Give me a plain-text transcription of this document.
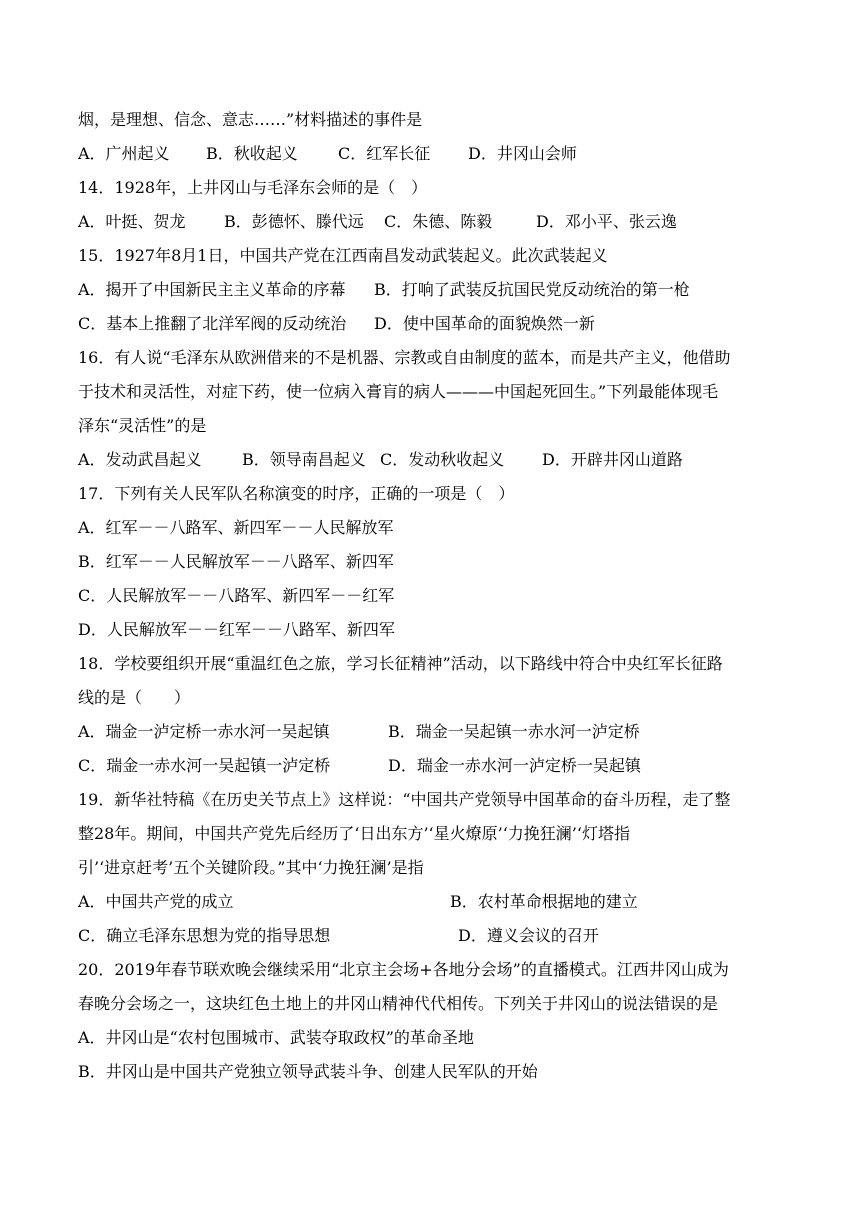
烟，是理想、信念、意志……”材料描述的事件是
A．广州起义 B．秋收起义	C．红军长征 D．井冈山会师
14．1928年，上井冈山与毛泽东会师的是（　）
A．叶挺、贺龙 B．彭德怀、滕代远 C．朱德、陈毅	D．邓小平、张云逸
15．1927年8月1日，中国共产党在江西南昌发动武装起义。此次武装起义
A．揭开了中国新民主主义革命的序幕 B．打响了武装反抗国民党反动统治的第一枪
C．基本上推翻了北洋军阀的反动统治 D．使中国革命的面貌焕然一新
16．有人说“毛泽东从欧洲借来的不是机器、宗教或自由制度的蓝本，而是共产主义，他借助
于技术和灵活性，对症下药，使一位病入膏肓的病人———中国起死回生。”下列最能体现毛
泽东“灵活性”的是
A．发动武昌起义	B．领导南昌起义 C．发动秋收起义 D．开辟井冈山道路
17．下列有关人民军队名称演变的时序，正确的一项是（　）
A．红军－－八路军、新四军－－人民解放军
B．红军－－人民解放军－－八路军、新四军
C．人民解放军－－八路军、新四军－－红军
D．人民解放军－－红军－－八路军、新四军
18．学校要组织开展“重温红色之旅，学习长征精神”活动，以下路线中符合中央红军长征路
线的是（　　）
A．瑞金一泸定桥一赤水河一吴起镇	B．瑞金一吴起镇一赤水河一泸定桥
C．瑞金一赤水河一吴起镇一泸定桥	D．瑞金一赤水河一泸定桥一吴起镇
19．新华社特稿《在历史关节点上》这样说：“中国共产党领导中国革命的奋斗历程，走了整
整28年。期间，中国共产党先后经历了‘日出东方’‘星火燎原’‘力挽狂澜’‘灯塔指
引’‘进京赶考’五个关键阶段。”其中‘力挽狂澜’是指
A．中国共产党的成立	B．农村革命根据地的建立
C．确立毛泽东思想为党的指导思想	D．遵义会议的召开
20．2019年春节联欢晚会继续采用“北京主会场+各地分会场”的直播模式。江西井冈山成为
春晚分会场之一，这块红色土地上的井冈山精神代代相传。下列关于井冈山的说法错误的是
A．井冈山是“农村包围城市、武装夺取政权”的革命圣地
B．井冈山是中国共产党独立领导武装斗争、创建人民军队的开始
